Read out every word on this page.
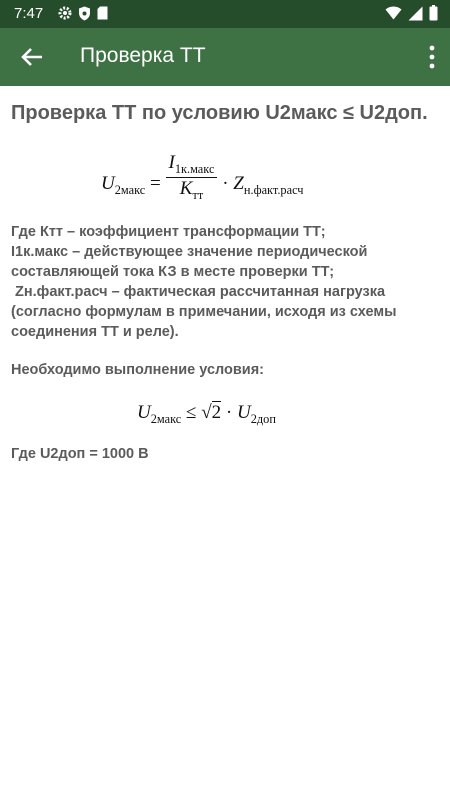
7:47
Проверка ТТ
Проверка ТТ по условию U2макс ≤ U2доп.
$U_{2макс} = \frac{I_{1к.макс}}{K_{тт}} \cdot Z_{н.факт.расч}$
Где Ктт – коэффициент трансформации ТТ;
I1к.макс – действующее значение периодической
составляющей тока КЗ в месте проверки ТТ;
Zн.факт.расч – фактическая рассчитанная нагрузка
(согласно формулам в примечании, исходя из схемы
соединения ТТ и реле).
Необходимо выполнение условия:
$U_{2макс} \le √2 \cdot U_{2доп}$
Где U2доп = 1000 В
